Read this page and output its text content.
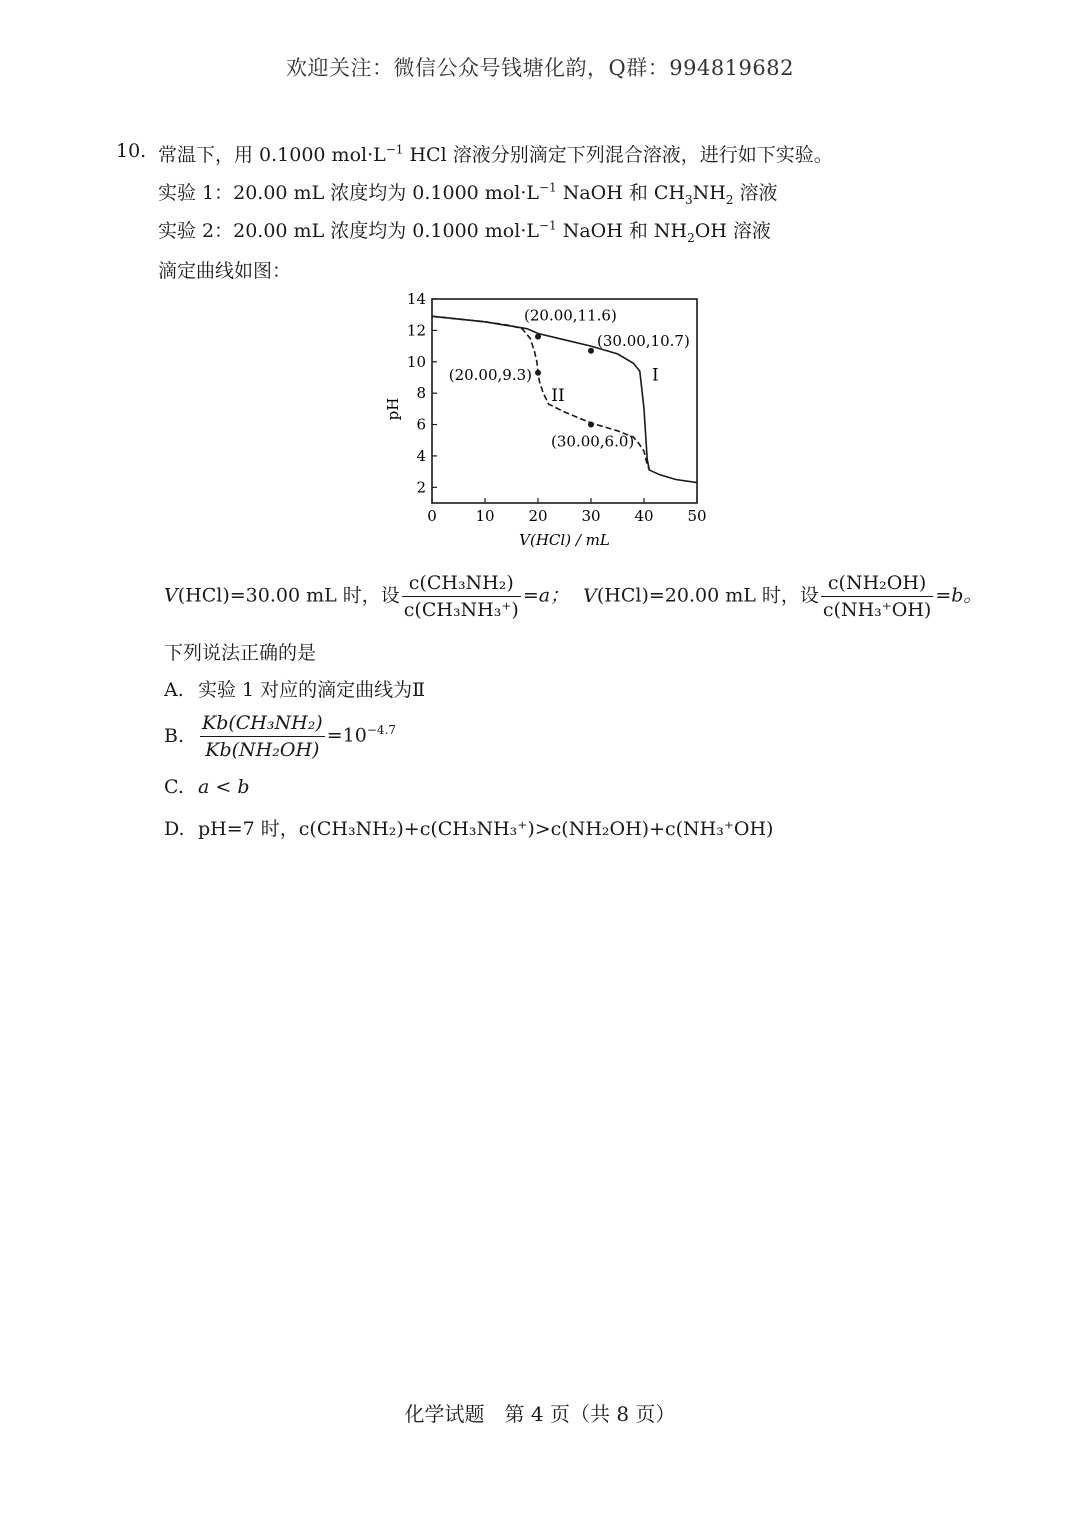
欢迎关注：微信公众号钱塘化韵，Q群：994819682
10. 常温下，用 0.1000 $mol\cdot L^{-1}$ HCl 溶液分别滴定下列混合溶液，进行如下实验。
实验 1：20.00 mL 浓度均为 0.1000 $mol\cdot L^{-1}$ NaOH 和 $CH_3NH_2$ 溶液
实验 2：20.00 mL 浓度均为 0.1000 $mol\cdot L^{-1}$ NaOH 和 $NH_2OH$ 溶液
滴定曲线如图：
0	10 20 30 40 50
2
4
6
8
10
12
14
V(HCl) / mL
pH
(20.00,11.6)
(30.00,10.7)
(20.00,9.3)
(30.00,6.0)
I
II
V(HCl)=30.00 mL 时，设 $\frac{\text{c(CH₃NH₂)}}{\text{c(CH₃NH₃⁺)}} =a$； V(HCl)=20.00 mL 时，设 $\frac{\text{c(NH₂OH)}}{\text{c(NH₃⁺OH)}} =b$。
下列说法正确的是
A. 实验 1 对应的滴定曲线为Ⅱ
B. $\frac{\text{Kb(CH₃NH₂)}}{\text{Kb(NH₂OH)}} =10^{-4.7}$
C. a < b
D. pH=7 时，c(CH₃NH₂)+c(CH₃NH₃⁺)>c(NH₂OH)+c(NH₃⁺OH)
化学试题　第 4 页（共 8 页）
